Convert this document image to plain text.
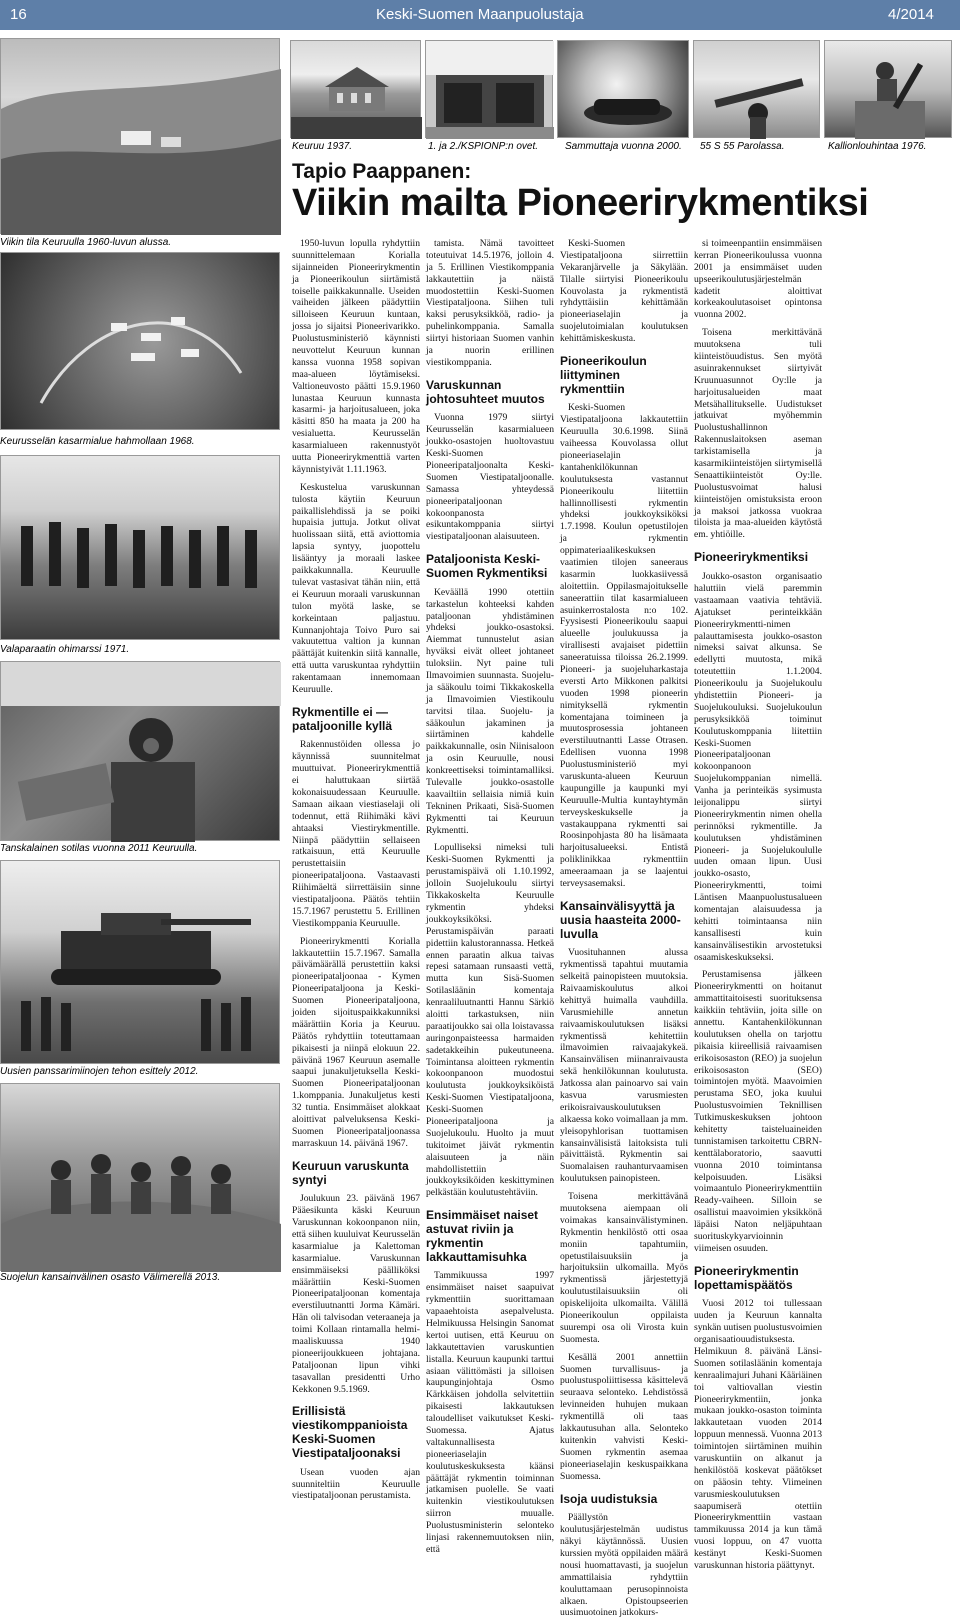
16	Keski-Suomen Maanpuolustaja	4/2014
Keuruu 1937.	1. ja 2./KSPIONP:n ovet.	Sammuttaja vuonna 2000. 55 S 55 Parolassa.	Kallionlouhintaa 1976.
Viikin tila Keuruulla 1960-luvun alussa.
Keurusselän kasarmialue hahmollaan 1968.
Valaparaatin ohimarssi 1971.
Tanskalainen sotilas vuonna 2011 Keuruulla.
Uusien panssarimiinojen tehon esittely 2012.
Suojelun kansainvälinen osasto Välimerellä 2013.
Tapio Paappanen:
Viikin mailta Pioneerirykmentiksi

1950-luvun lopulla ryhdyttiin suunnittelemaan Korialla sijainneiden Pioneerirykmentin ja Pioneerikoulun siirtämistä toiselle paikkakunnalle. Useiden vaiheiden jälkeen päädyttiin silloiseen Keuruun kuntaan, jossa jo sijaitsi Pioneerivarikko. Puolustusministeriö käynnisti neuvottelut Keuruun kunnan kanssa vuonna 1958 sopivan maa-alueen löytämiseksi. Valtioneuvosto päätti 15.9.1960 lunastaa Keuruun kunnasta kasarmi- ja harjoitusalueen, joka käsitti 850 ha maata ja 200 ha vesialuetta. Keurusselän kasarmialueen rakennustyöt uutta Pioneerirykmenttiä varten käynnistyivät 1.11.1963.

Keskustelua varuskunnan tulosta käytiin Keuruun paikallislehdissä ja se poiki hupaisia juttuja. Jotkut olivat huolissaan siitä, että aviottomia lapsia syntyy, juopottelu lisääntyy ja moraali laskee paikkakunnalla. Keuruulle tulevat vastasivat tähän niin, että ei Keuruun moraali varuskunnan tulon myötä laske, se korkeintaan paljastuu. Kunnanjohtaja Toivo Puro sai vakuutettua valtion ja kunnan päättäjät kuitenkin siitä kannalle, että uutta varuskuntaa ryhdyttiin rakentamaan innemomaan Keuruulle.

Rykmentille ei ― pataljoonille kyllä

Rakennustöiden ollessa jo käynnissä suunnitelmat muuttuivat. Pioneerirykmenttiä ei haluttukaan siirtää kokonaisuudessaan Keuruulle. Samaan aikaan viestiaselaji oli todennut, että Riihimäki kävi ahtaaksi Viestirykmentille. Niinpä päädyttiin sellaiseen ratkaisuun, että Keuruulle perustettaisiin pioneeripataljoona. Vastaavasti Riihimäeltä siirrettäisiin sinne viestipataljoona. Päätös tehtiin 15.7.1967 perustettu 5. Erillinen Viestikomppania Keuruulle.

Pioneerirykmentti Korialla lakkautettiin 15.7.1967. Samalla päivämäärällä perustettiin kaksi pioneeripataljoonaa - Kymen Pioneeripataljoona ja Keski-Suomen Pioneeripataljoona, joiden sijoituspaikkakunniksi määrättiin Koria ja Keuruu. Päätös ryhdyttiin toteuttamaan pikaisesti ja niinpä elokuun 22. päivänä 1967 Keuruun asemalle saapui junakuljetuksella Keski-Suomen Pioneeripataljoonan 1.komppania. Junakuljetus kesti 32 tuntia. Ensimmäiset alokkaat aloittivat palveluksensa Keski-Suomen Pioneeripataljoonassa marraskuun 14. päivänä 1967.

Keuruun varuskunta syntyi

Joulukuun 23. päivänä 1967 Pääesikunta käski Keuruun Varuskunnan kokoonpanon niin, että siihen kuuluivat Keurusselän kasarmialue ja Kalettoman kasarmialue. Varuskunnan ensimmäiseksi päälliköksi määrättiin Keski-Suomen Pioneeripataljoonan komentaja everstiluutnantti Jorma Kämäri. Hän oli talvisodan veteraaneja ja toimi Kollaan rintamalla helmi-maaliskuussa 1940 pioneerijoukkueen johtajana. Pataljoonan lipun vihki tasavallan presidentti Urho Kekkonen 9.5.1969.

Erillisistä viestikomppanioista Keski-Suomen Viestipataljoonaksi

Usean vuoden ajan suunniteltiin Keuruulle viestipataljoonan perustamista.

tamista. Nämä tavoitteet toteutuivat 14.5.1976, jolloin 4. ja 5. Erillinen Viestikomppania lakkautettiin ja näistä muodostettiin Keski-Suomen Viestipataljoona. Siihen tuli kaksi perusyksikköä, radio- ja puhelinkomppania. Samalla siirtyi historiaan Suomen vanhin ja nuorin erillinen viestikomppania.

Varuskunnan johtosuhteet muutos

Vuonna 1979 siirtyi Keurusselän kasarmialueen joukko-osastojen huoltovastuu Keski-Suomen Pioneeripataljoonalta Keski-Suomen Viestipataljoonalle. Samassa yhteydessä pioneeripataljoonan kokoonpanosta esikuntakomppania siirtyi viestipataljoonan alaisuuteen.

Pataljoonista Keski-Suomen Rykmentiksi

Keväällä 1990 otettiin tarkastelun kohteeksi kahden pataljoonan yhdistäminen yhdeksi joukko-osastoksi. Aiemmat tunnustelut asian hyväksi eivät olleet johtaneet tuloksiin. Nyt paine tuli Ilmavoimien suunnasta. Suojelu- ja sääkoulu toimi Tikkakoskella ja Ilmavoimien Viestikoulu tarvitsi tilaa. Suojelu- ja sääkoulun jakaminen ja siirtäminen kahdelle paikkakunnalle, osin Niinisaloon ja osin Keuruulle, nousi konkreettiseksi toimintamalliksi. Tulevalle joukko-osastolle kaavailtiin sellaisia nimiä kuin Tekninen Prikaati, Sisä-Suomen Rykmentti tai Keuruun Rykmentti.

Lopulliseksi nimeksi tuli Keski-Suomen Rykmentti ja perustamispäivä oli 1.10.1992, jolloin Suojelukoulu siirtyi Tikkakoskelta Keuruulle rykmentin yhdeksi joukkoyksiköksi. Perustamispäivän paraati pidettiin kalustorannassa. Hetkeä ennen paraatin alkua taivas repesi satamaan runsaasti vettä, mutta kun Sisä-Suomen Sotilasläänin komentaja kenraaliluutnantti Hannu Särkiö aloitti tarkastuksen, niin paraatijoukko sai olla loistavassa auringonpaisteessa harmaiden sadetakkeihin pukeutuneena. Toimintansa aloitteen rykmentin kokoonpanoon muodostui koulutusta joukkoyksiköistä Keski-Suomen Viestipataljoona, Keski-Suomen Pioneeripataljoona ja Suojelukoulu. Huolto ja muut tukitoimet jäivät rykmentin alaisuuteen ja näin mahdollistettiin joukkoyksiköiden keskittyminen pelkästään koulutustehtäviin.

Ensimmäiset naiset astuvat riviin ja rykmentin lakkauttamisuhka

Tammikuussa 1997 ensimmäiset naiset saapuivat rykmenttiin suorittamaan vapaaehtoista asepalvelusta. Helmikuussa Helsingin Sanomat kertoi uutisen, että Keuruu on lakkautettavien varuskuntien listalla. Keuruun kaupunki tarttui asiaan välittömästi ja silloisen kaupunginjohtaja Osmo Kärkkäisen johdolla selvitettiin pikaisesti lakkautuksen taloudelliset vaikutukset Keski-Suomessa. Ajatus valtakunnallisesta pioneeriaselajin koulutuskeskuksesta käänsi päättäjät rykmentin toiminnan jatkamisen puolelle. Se vaati kuitenkin viestikoulutuksen siirron muualle. Puolustusministerin selonteko linjasi rakennemuutoksen niin, että

Keski-Suomen Viestipataljoona siirrettiin Vekaranjärvelle ja Säkylään. Tilalle siirtyisi Pioneerikoulu Kouvolasta ja rykmentistä ryhdyttäisiin kehittämään pioneeriaselajin ja suojelutoimialan koulutuksen kehittämiskeskusta.

Pioneerikoulun liittyminen rykmenttiin

Keski-Suomen Viestipataljoona lakkautettiin Keuruulla 30.6.1998. Siinä vaiheessa Kouvolassa ollut pioneeriaselajin kantahenkilökunnan koulutuksesta vastannut Pioneerikoulu liitettiin hallinnollisesti rykmentin yhdeksi joukkoyksiköksi 1.7.1998. Koulun opetustilojen ja rykmentin oppimateriaalikeskuksen vaatimien tilojen saneeraus kasarmin luokkasiivessä aloitettiin. Oppilasmajoitukselle saneerattiin tilat kasarmialueen asuinkerrostalosta n:o 102. Fyysisesti Pioneerikoulu saapui alueelle joulukuussa ja virallisesti avajaiset pidettiin saneeratuissa tiloissa 26.2.1999. Pioneeri- ja suojeluharkastaja eversti Arto Mikkonen palkitsi vuoden 1998 pioneerin nimityksellä rykmentin komentajana toimineen ja muutosprosessia johtaneen everstiluutnantti Lasse Otrasen. Edellisen vuonna 1998 Puolustusministeriö myi varuskunta-alueen Keuruun kaupungille ja kaupunki myi Keuruulle-Multia kuntayhtymän terveyskeskukselle ja vastakauppana rykmentti sai Roosinpohjasta 80 ha lisämaata harjoitusalueeksi. Entistä poliklinikkaa rykmenttiin ameeraamaan ja se laajentui terveysasemaksi.

Kansainvälisyyttä ja uusia haasteita 2000-luvulla

Vuosituhannen alussa rykmentissä tapahtui muutamia selkeitä painopisteen muutoksia. Raivaamiskoulutus alkoi kehittyä huimalla vauhdilla. Varusmiehille annetun raivaamiskoulutuksen lisäksi rykmentissä kehitettiin ilmavoimien raivaajakykeä. Kansainvälisen miinanraivausta sekä henkilökunnan koulutusta. Jatkossa alan painoarvo sai vain kasvua varusmiesten erikoisraivauskoulutuksen alkaessa koko voimallaan ja mm. yleisopyhlorisan tuottamisen kansainvälisistä laitoksista tuli päivittäistä. Rykmentin sai Suomalaisen rauhanturvaamisen koulutuksen painopisteen.

Toisena merkittävänä muutoksena aiempaan oli voimakas kansainvälistyminen. Rykmentin henkilöstö otti osaa moniin tapahtumiin, opetustilaisuuksiin ja harjoituksiin ulkomailla. Myös rykmentissä järjestettyjä koulutustilaisuuksiin oli opiskelijoita ulkomailta. Välillä Pioneerikoulun oppilaista suurempi osa oli Virosta kuin Suomesta.

Kesällä 2001 annettiin Suomen turvallisuus- ja puolustuspoliittisessa käsittelevä seuraava selonteko. Lehdistössä levinneiden huhujen mukaan rykmentillä oli taas lakkautusuhan alla. Selonteko kuitenkin vahvisti Keski-Suomen rykmentin asemaa pioneeriaselajin keskuspaikkana Suomessa.

Isoja uudistuksia

Päällystön koulutusjärjestelmän uudistus näkyi käytännössä. Uusien kurssien myötä oppilaiden määrä nousi huomattavasti, ja suojelun ammattilaisia ryhdyttiin kouluttamaan perusopinnoista alkaen. Opistoupseerien uusimuotoinen jatkokurs-

si toimeenpantiin ensimmäisen kerran Pioneerikoulussa vuonna 2001 ja ensimmäiset uuden upseerikoulutusjärjestelmän kadetit aloittivat korkeakoulutasoiset opintonsa vuonna 2002.

Toisena merkittävänä muutoksena tuli kiinteistöuudistus. Sen myötä asuinrakennukset siirtyivät Kruunuasunnot Oy:lle ja harjoitusalueiden maat Metsähallitukselle. Uudistukset jatkuivat myöhemmin Puolustushallinnon Rakennuslaitoksen aseman tarkistamisella ja kasarmikiinteistöjen siirtymisellä Senaattikiinteistöt Oy:lle. Puolustusvoimat halusi kiinteistöjen omistuksista eroon ja maksoi jatkossa vuokraa tiloista ja maa-alueiden käytöstä em. yhtiöille.

Pioneerirykmentiksi

Joukko-osaston organisaatio haluttiin vielä paremmin vastaamaan vaativia tehtäviä. Ajatukset perinteikkään Pioneerirykmentti-nimen palauttamisesta joukko-osaston nimeksi saivat alkunsa. Se edellytti muutosta, mikä toteutettiin 1.1.2004. Pioneerikoulu ja Suojelukoulu yhdistettiin Pioneeri- ja Suojelukouluksi. Suojelukoulun perusyksikköä toiminut Koulutuskomppania liitettiin Keski-Suomen Pioneeripataljoonan kokoonpanoon Suojelukomppanian nimellä. Vanha ja perinteikäs sysimusta leijonalippu siirtyi Pioneerirykmentin nimen ohella perinnöksi rykmentille. Ja koulutuksen yhdistäminen Pioneeri- ja Suojelukoululle uuden omaan lipun. Uusi joukko-osasto, Pioneerirykmentti, toimi Läntisen Maanpuolustusalueen komentajan alaisuudessa ja kehitti toimintaansa niin kansallisesti kuin kansainvälisestikin arvostetuksi osaamiskeskukseksi.

Perustamisensa jälkeen Pioneerirykmentti on hoitanut ammattitaitoisesti suorituksensa kaikkiin tehtäviin, joita sille on annettu. Kantahenkilökunnan koulutuksen ohella on tarjottu pikaisia kiireellisiä raivaamisen erikoisosaston (REO) ja suojelun erikoisosaston (SEO) toimintojen myötä. Maavoimien perustama SEO, joka kuului Puolustusvoimien Teknillisen Tutkimuskeskuksen johtoon kehitetty taisteluaineiden tunnistamisen tarkoitettu CBRN-kenttälaboratorio, saavutti vuonna 2010 toimintansa kelpoisuuden. Lisäksi voimaantulo Pioneerirykmenttiin Ready-vaiheen. Silloin se osallistui maavoimien yksikkönä läpäisi Naton neljäpuhtaan suorituskykyarvioinnin viimeisen osuuden.

Pioneerirykmentin lopettamispäätös

Vuosi 2012 toi tullessaan uuden ja Keuruun kannalta synkän uutisen puolustusvoimien organisaatiouudistuksesta. Helmikuun 8. päivänä Länsi-Suomen sotilasläänin komentaja kenraalimajuri Juhani Kääriäinen toi valtiovallan viestin Pioneerirykmentiin, jonka mukaan joukko-osaston toiminta lakkautetaan vuoden 2014 loppuun mennessä. Vuonna 2013 toimintojen siirtäminen muihin varuskuntiin on alkanut ja henkilöstöä koskevat päätökset on pääosin tehty. Viimeinen varusmieskoulutuksen saapumiserä otettiin Pioneerirykmenttiin vastaan tammikuussa 2014 ja kun tämä vuosi loppuu, on 47 vuotta kestänyt Keski-Suomen varuskunnan historia päättynyt.
